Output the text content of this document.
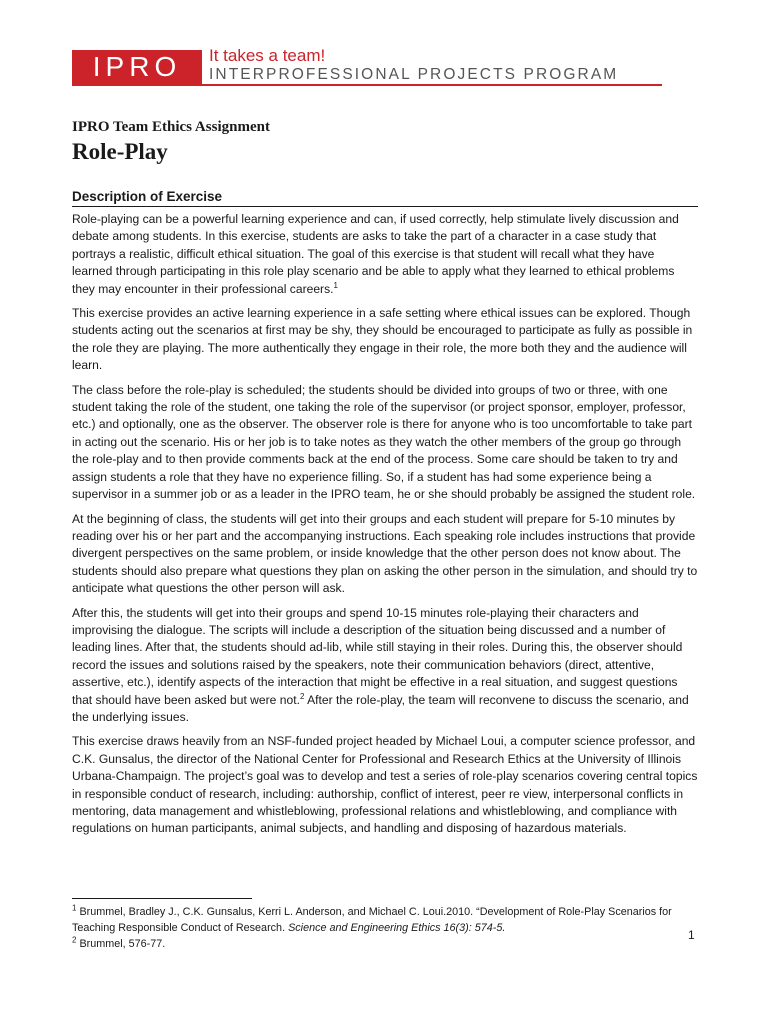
IPRO	It takes a team!
INTERPROFESSIONAL PROJECTS PROGRAM
IPRO Team Ethics Assignment
Role-Play
Description of Exercise

Role-playing can be a powerful learning experience and can, if used correctly, help stimulate lively discussion and debate among students. In this exercise, students are asks to take the part of a character in a case study that portrays a realistic, difficult ethical situation. The goal of this exercise is that student will recall what they have learned through participating in this role play scenario and be able to apply what they learned to ethical problems they may encounter in their professional careers.$^1$

This exercise provides an active learning experience in a safe setting where ethical issues can be explored. Though students acting out the scenarios at first may be shy, they should be encouraged to participate as fully as possible in the role they are playing. The more authentically they engage in their role, the more both they and the audience will learn.

The class before the role-play is scheduled; the students should be divided into groups of two or three, with one student taking the role of the student, one taking the role of the supervisor (or project sponsor, employer, professor, etc.) and optionally, one as the observer. The observer role is there for anyone who is too uncomfortable to take part in acting out the scenario. His or her job is to take notes as they watch the other members of the group go through the role-play and to then provide comments back at the end of the process. Some care should be taken to try and assign students a role that they have no experience filling. So, if a student has had some experience being a supervisor in a summer job or as a leader in the IPRO team, he or she should probably be assigned the student role.

At the beginning of class, the students will get into their groups and each student will prepare for 5-10 minutes by reading over his or her part and the accompanying instructions. Each speaking role includes instructions that provide divergent perspectives on the same problem, or inside knowledge that the other person does not know about. The students should also prepare what questions they plan on asking the other person in the simulation, and should try to anticipate what questions the other person will ask.

After this, the students will get into their groups and spend 10-15 minutes role-playing their characters and improvising the dialogue. The scripts will include a description of the situation being discussed and a number of leading lines. After that, the students should ad-lib, while still staying in their roles. During this, the observer should record the issues and solutions raised by the speakers, note their communication behaviors (direct, attentive, assertive, etc.), identify aspects of the interaction that might be effective in a real situation, and suggest questions that should have been asked but were not.$^2$ After the role-play, the team will reconvene to discuss the scenario, and the underlying issues.

This exercise draws heavily from an NSF-funded project headed by Michael Loui, a computer science professor, and C.K. Gunsalus, the director of the National Center for Professional and Research Ethics at the University of Illinois Urbana-Champaign. The project’s goal was to develop and test a series of role-play scenarios covering central topics in responsible conduct of research, including: authorship, conflict of interest, peer re view, interpersonal conflicts in mentoring, data management and whistleblowing, professional relations and whistleblowing, and compliance with regulations on human participants, animal subjects, and handling and disposing of hazardous materials.

$^1$ Brummel, Bradley J., C.K. Gunsalus, Kerri L. Anderson, and Michael C. Loui.2010. “Development of Role-Play Scenarios for Teaching Responsible Conduct of Research. Science and Engineering Ethics 16(3): 574-5.

$^2$ Brummel, 576-77.

1
